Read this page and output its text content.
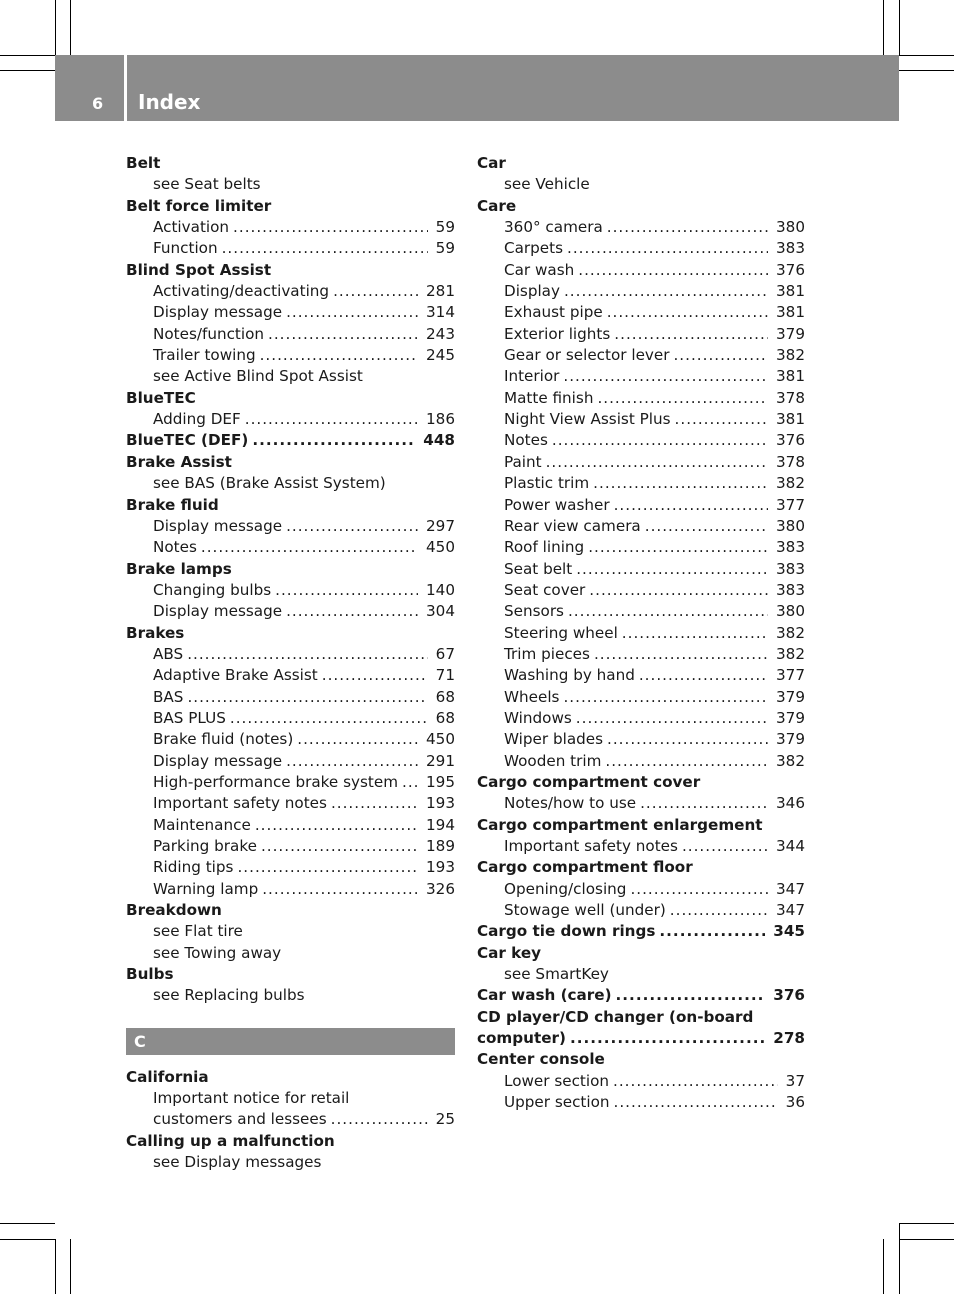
6 Index
Belt
see Seat belts
Belt force limiter
Activation .....	59
Function .....	59
Blind Spot Assist
Activating/deactivating .....	281
Display message .....	314
Notes/function .....	243
Trailer towing .....	245
see Active Blind Spot Assist
BlueTEC
Adding DEF .....	186
BlueTEC (DEF) .....	448
Brake Assist
see BAS (Brake Assist System)
Brake fluid
Display message .....	297
Notes .....	450
Brake lamps
Changing bulbs .....	140
Display message .....	304
Brakes
ABS .....	67
Adaptive Brake Assist .....	71
BAS .....	68
BAS PLUS .....	68
Brake fluid (notes) .....	450
Display message .....	291
High-performance brake system .....	195
Important safety notes .....	193
Maintenance .....	194
Parking brake .....	189
Riding tips .....	193
Warning lamp .....	326
Breakdown
see Flat tire
see Towing away
Bulbs
see Replacing bulbs
C
California
Important notice for retail
customers and lessees .....	25
Calling up a malfunction
see Display messages
Car
see Vehicle
Care
360° camera .....	380
Carpets .....	383
Car wash .....	376
Display .....	381
Exhaust pipe .....	381
Exterior lights .....	379
Gear or selector lever .....	382
Interior .....	381
Matte finish .....	378
Night View Assist Plus .....	381
Notes .....	376
Paint .....	378
Plastic trim .....	382
Power washer .....	377
Rear view camera .....	380
Roof lining .....	383
Seat belt .....	383
Seat cover .....	383
Sensors .....	380
Steering wheel .....	382
Trim pieces .....	382
Washing by hand .....	377
Wheels .....	379
Windows .....	379
Wiper blades .....	379
Wooden trim .....	382
Cargo compartment cover
Notes/how to use .....	346
Cargo compartment enlargement
Important safety notes .....	344
Cargo compartment floor
Opening/closing .....	347
Stowage well (under) .....	347
Cargo tie down rings .....	345
Car key
see SmartKey
Car wash (care) .....	376
CD player/CD changer (on-board
computer) .....	278
Center console
Lower section .....	37
Upper section .....	36
